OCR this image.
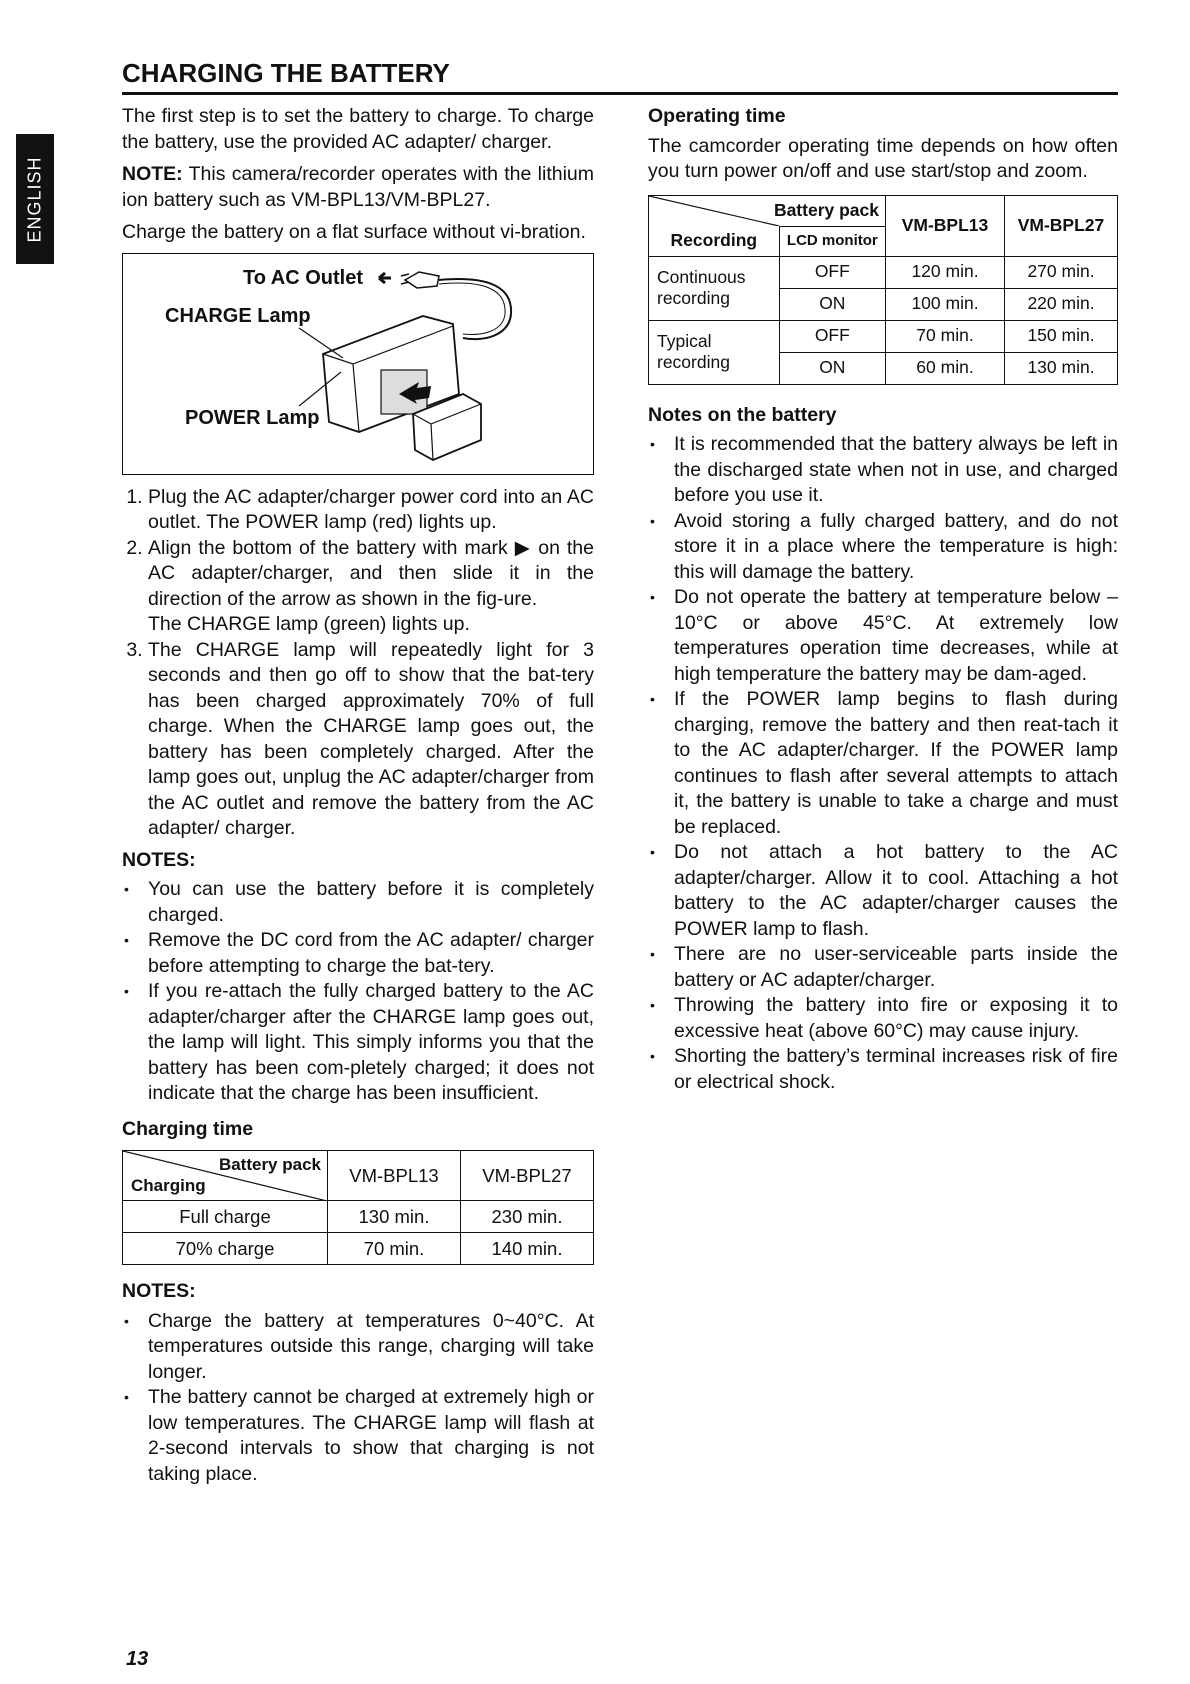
ENGLISH
CHARGING THE BATTERY

The first step is to set the battery to charge. To charge the battery, use the provided AC adapter/ charger.

NOTE: This camera/recorder operates with the lithium ion battery such as VM-BPL13/VM-BPL27.

Charge the battery on a flat surface without vi-bration.

To AC Outlet
CHARGE Lamp
POWER Lamp
1. Plug the AC adapter/charger power cord into an AC outlet. The POWER lamp (red) lights up.
2. Align the bottom of the battery with mark ▶ on the AC adapter/charger, and then slide it in the direction of the arrow as shown in the fig-ure.
The CHARGE lamp (green) lights up.
3. The CHARGE lamp will repeatedly light for 3 seconds and then go off to show that the bat-tery has been charged approximately 70% of full charge. When the CHARGE lamp goes out, the battery has been completely charged. After the lamp goes out, unplug the AC adapter/charger from the AC outlet and remove the battery from the AC adapter/ charger.
NOTES:
• You can use the battery before it is completely charged.
• Remove the DC cord from the AC adapter/ charger before attempting to charge the bat-tery.
• If you re-attach the fully charged battery to the AC adapter/charger after the CHARGE lamp goes out, the lamp will light. This simply informs you that the battery has been com-pletely charged; it does not indicate that the charge has been insufficient.
Charging time
Battery pack
Charging	VM-BPL13	VM-BPL27
Full charge	130 min.	230 min.
70% charge	70 min.	140 min.
NOTES:
• Charge the battery at temperatures 0~40°C. At temperatures outside this range, charging will take longer.
• The battery cannot be charged at extremely high or low temperatures. The CHARGE lamp will flash at 2-second intervals to show that charging is not taking place.
Operating time

The camcorder operating time depends on how often you turn power on/off and use start/stop and zoom.

Battery pack		VM-BPL13	VM-BPL27
Recording	LCD monitor		
Continuous recording	OFF	120 min.	270 min.
	ON	100 min.	220 min.
Typical recording	OFF	70 min.	150 min.
	ON	60 min.	130 min.
Notes on the battery
• It is recommended that the battery always be left in the discharged state when not in use, and charged before you use it.
• Avoid storing a fully charged battery, and do not store it in a place where the temperature is high: this will damage the battery.
• Do not operate the battery at temperature below –10°C or above 45°C. At extremely low temperatures operation time decreases, while at high temperature the battery may be dam-aged.
• If the POWER lamp begins to flash during charging, remove the battery and then reat-tach it to the AC adapter/charger. If the POWER lamp continues to flash after several attempts to attach it, the battery is unable to take a charge and must be replaced.
• Do not attach a hot battery to the AC adapter/charger. Allow it to cool. Attaching a hot battery to the AC adapter/charger causes the POWER lamp to flash.
• There are no user-serviceable parts inside the battery or AC adapter/charger.
• Throwing the battery into fire or exposing it to excessive heat (above 60°C) may cause injury.
• Shorting the battery’s terminal increases risk of fire or electrical shock.
13
